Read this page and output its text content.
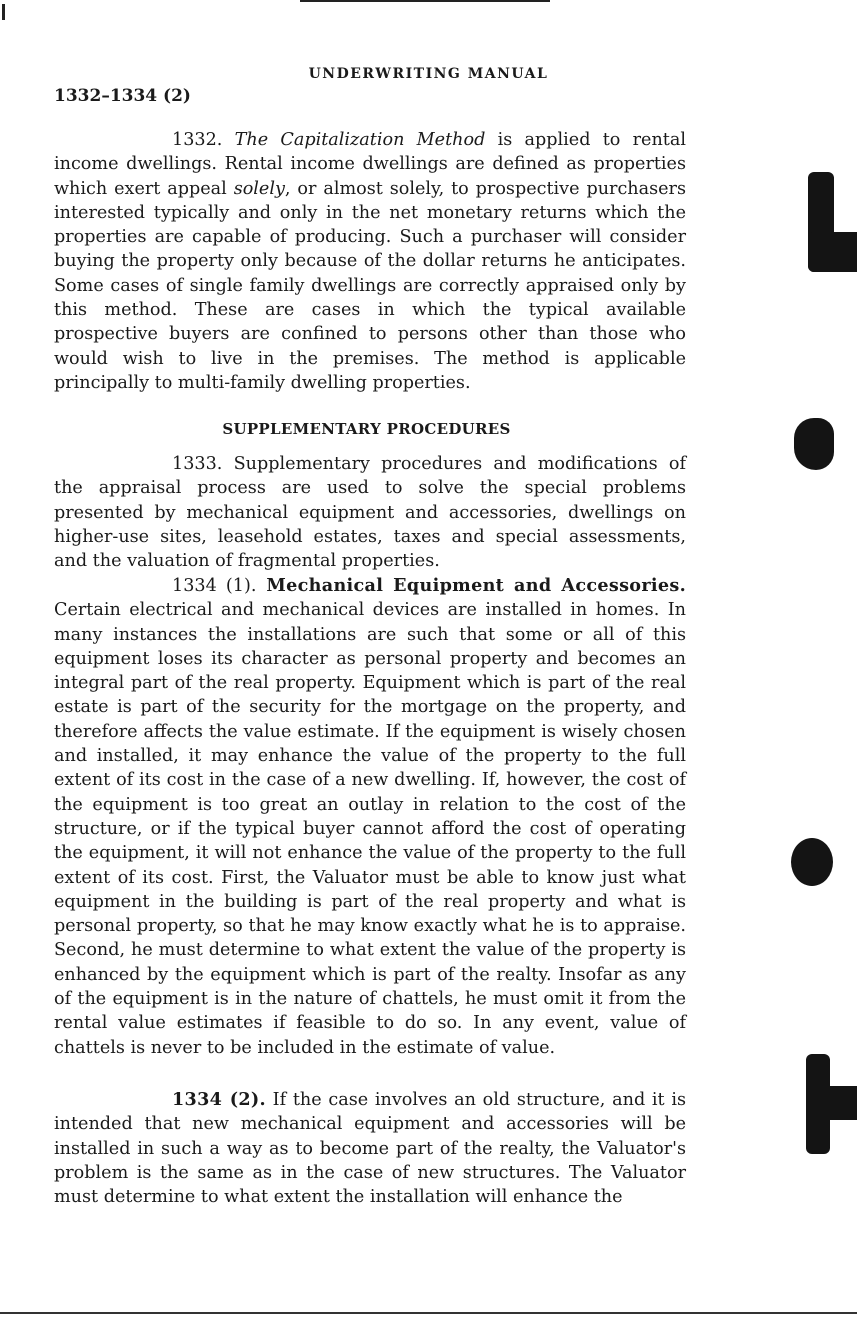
UNDERWRITING MANUAL
1332–1334 (2)

1332. The Capitalization Method is applied to rental income dwellings. Rental income dwellings are defined as properties which exert appeal solely, or almost solely, to prospective purchasers interested typically and only in the net monetary returns which the properties are capable of producing. Such a purchaser will consider buying the property only because of the dollar returns he anticipates. Some cases of single family dwellings are correctly appraised only by this method. These are cases in which the typical available prospective buyers are confined to persons other than those who would wish to live in the premises. The method is applicable principally to multi-family dwelling properties.

SUPPLEMENTARY PROCEDURES

1333. Supplementary procedures and modifications of the appraisal process are used to solve the special problems presented by mechanical equipment and accessories, dwellings on higher-use sites, leasehold estates, taxes and special assessments, and the valuation of fragmental properties.

1334 (1). Mechanical Equipment and Accessories. Certain electrical and mechanical devices are installed in homes. In many instances the installations are such that some or all of this equipment loses its character as personal property and becomes an integral part of the real property. Equipment which is part of the real estate is part of the security for the mortgage on the property, and therefore affects the value estimate. If the equipment is wisely chosen and installed, it may enhance the value of the property to the full extent of its cost in the case of a new dwelling. If, however, the cost of the equipment is too great an outlay in relation to the cost of the structure, or if the typical buyer cannot afford the cost of operating the equipment, it will not enhance the value of the property to the full extent of its cost. First, the Valuator must be able to know just what equipment in the building is part of the real property and what is personal property, so that he may know exactly what he is to appraise. Second, he must determine to what extent the value of the property is enhanced by the equipment which is part of the realty. Insofar as any of the equipment is in the nature of chattels, he must omit it from the rental value estimates if feasible to do so. In any event, value of chattels is never to be included in the estimate of value.

1334 (2). If the case involves an old structure, and it is intended that new mechanical equipment and accessories will be installed in such a way as to become part of the realty, the Valuator's problem is the same as in the case of new structures. The Valuator must determine to what extent the installation will enhance the
